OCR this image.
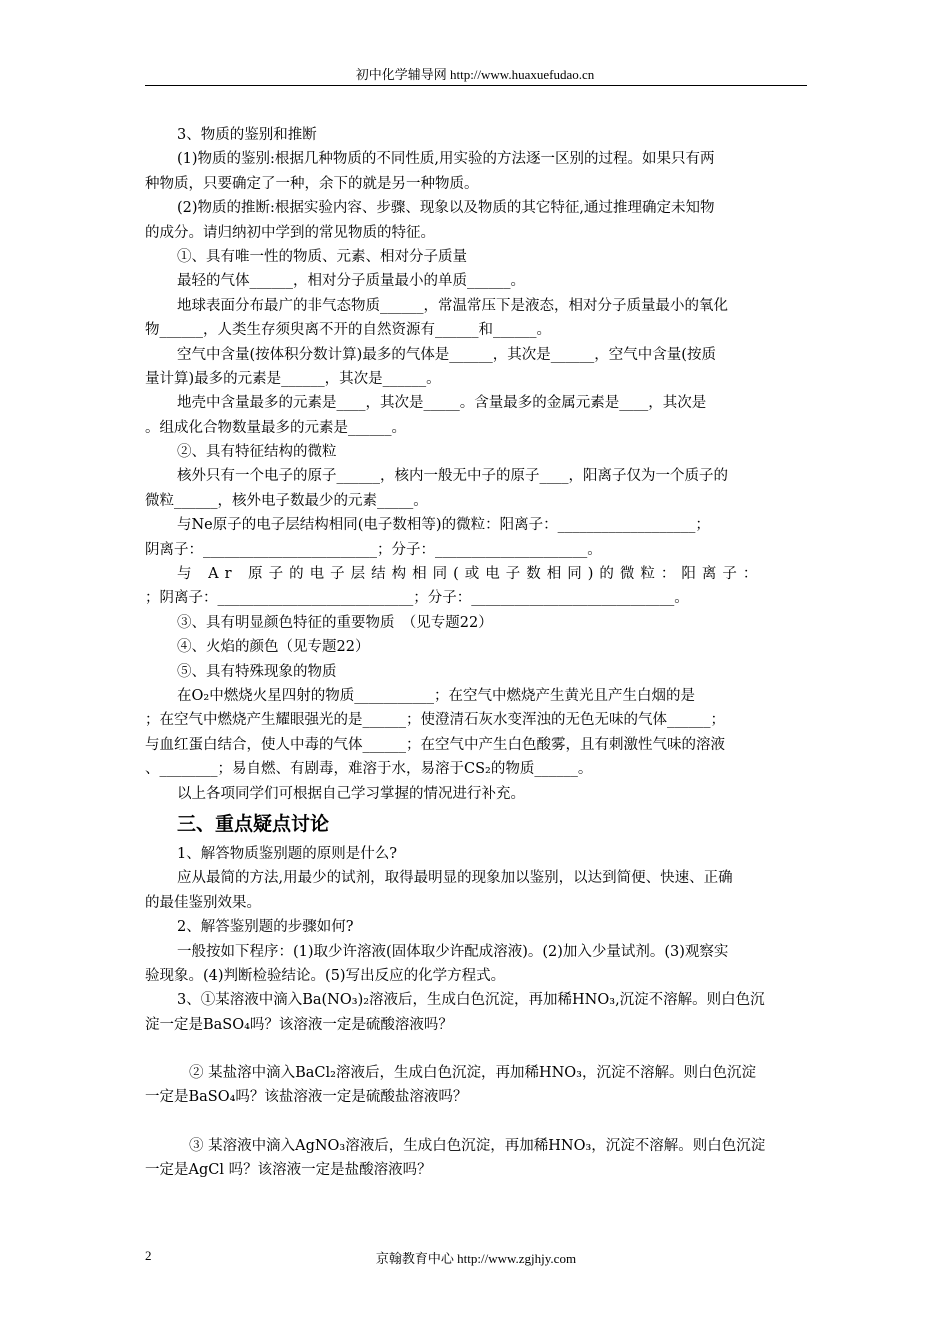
初中化学辅导网 http://www.huaxuefudao.cn
3、物质的鉴别和推断
(1)物质的鉴别:根据几种物质的不同性质,用实验的方法逐一区别的过程。如果只有两
种物质，只要确定了一种，余下的就是另一种物质。
(2)物质的推断:根据实验内容、步骤、现象以及物质的其它特征,通过推理确定未知物
的成分。请归纳初中学到的常见物质的特征。
①、具有唯一性的物质、元素、相对分子质量
最轻的气体______，相对分子质量最小的单质______。
地球表面分布最广的非气态物质______，常温常压下是液态，相对分子质量最小的氧化
物______，人类生存须臾离不开的自然资源有______和______。
空气中含量(按体积分数计算)最多的气体是______，其次是______，空气中含量(按质
量计算)最多的元素是______，其次是______。
地壳中含量最多的元素是____，其次是_____。含量最多的金属元素是____，其次是
。组成化合物数量最多的元素是______。
②、具有特征结构的微粒
核外只有一个电子的原子______，核内一般无中子的原子____，阳离子仅为一个质子的
微粒______，核外电子数最少的元素_____。
与Ne原子的电子层结构相同(电子数相等)的微粒：阳离子：___________________；
阴离子：________________________；分子：_____________________。
与 Ar 原子的电子层结构相同(或电子数相同)的微粒：阳离子：
；阴离子：___________________________；分子：____________________________。
③、具有明显颜色特征的重要物质　（见专题22）
④、火焰的颜色（见专题22）
⑤、具有特殊现象的物质
在O₂中燃烧火星四射的物质___________；在空气中燃烧产生黄光且产生白烟的是
；在空气中燃烧产生耀眼强光的是______；使澄清石灰水变浑浊的无色无味的气体______；
与血红蛋白结合，使人中毒的气体______；在空气中产生白色酸雾，且有刺激性气味的溶液
、________；易自燃、有剧毒，难溶于水，易溶于CS₂的物质______。
以上各项同学们可根据自己学习掌握的情况进行补充。
三、重点疑点讨论
1、解答物质鉴别题的原则是什么?
应从最简的方法,用最少的试剂，取得最明显的现象加以鉴别，以达到简便、快速、正确
的最佳鉴别效果。
2、解答鉴别题的步骤如何?
一般按如下程序：(1)取少许溶液(固体取少许配成溶液)。(2)加入少量试剂。(3)观察实
验现象。(4)判断检验结论。(5)写出反应的化学方程式。
3、①某溶液中滴入Ba(NO₃)₂溶液后，生成白色沉淀，再加稀HNO₃,沉淀不溶解。则白色沉
淀一定是BaSO₄吗？该溶液一定是硫酸溶液吗？
② 某盐溶中滴入BaCl₂溶液后，生成白色沉淀，再加稀HNO₃，沉淀不溶解。则白色沉淀
一定是BaSO₄吗？该盐溶液一定是硫酸盐溶液吗？
③ 某溶液中滴入AgNO₃溶液后，生成白色沉淀，再加稀HNO₃，沉淀不溶解。则白色沉淀
一定是AgCl 吗？该溶液一定是盐酸溶液吗？
2	京翰教育中心 http://www.zgjhjy.com
